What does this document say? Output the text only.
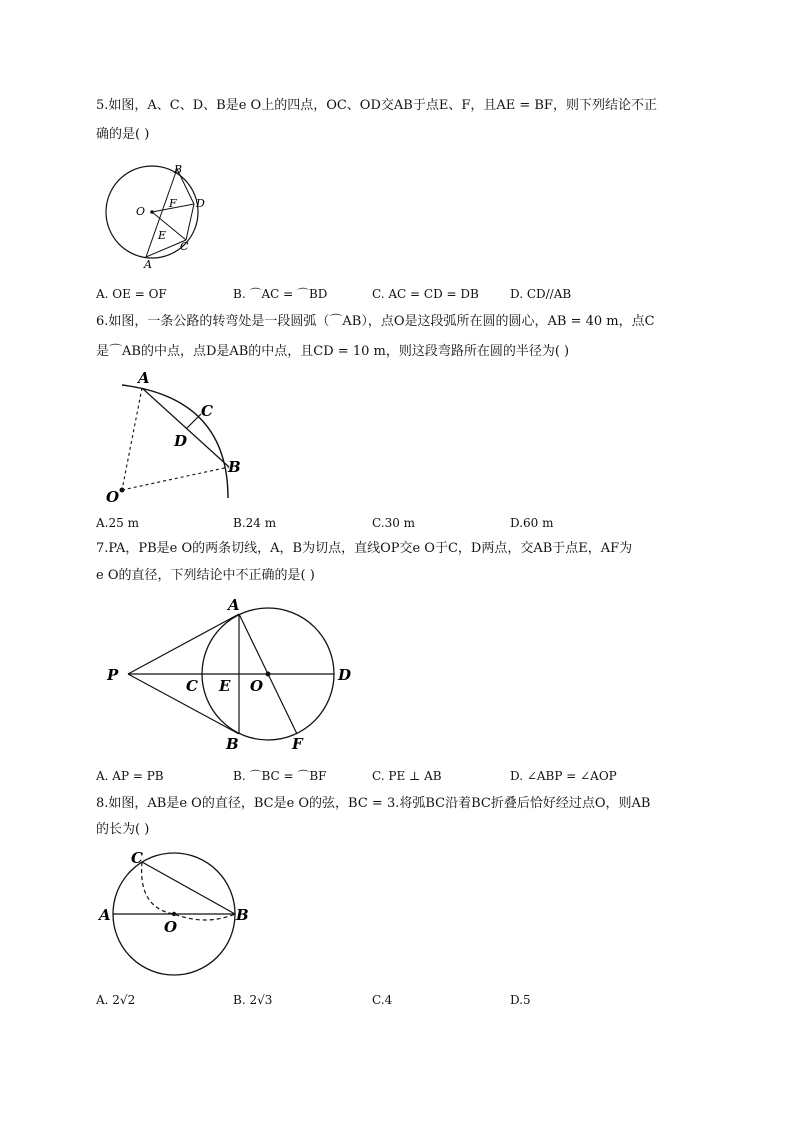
5.如图，A、C、D、B是e O上的四点，OC、OD交AB于点E、F，且AE = BF，则下列结论不正
确的是( )
B
O
F D
E
C
A
A. OE = OF	B. ⌒AC = ⌒BD	C. AC = CD = DB	D. CD//AB
6.如图，一条公路的转弯处是一段圆弧（⌒AB），点O是这段弧所在圆的圆心，AB = 40 m，点C
是⌒AB的中点，点D是AB的中点，且CD = 10 m，则这段弯路所在圆的半径为( )
A
C
D
B
O
A.25 m	B.24 m	C.30 m	D.60 m
7.PA，PB是e O的两条切线，A，B为切点，直线OP交e O于C，D两点，交AB于点E，AF为
e O的直径，下列结论中不正确的是( )
A
P
C E O
D
B	F
A. AP = PB	B. ⌒BC = ⌒BF	C. PE ⊥ AB	D. ∠ABP = ∠AOP
8.如图，AB是e O的直径，BC是e O的弦，BC = 3.将弧BC沿着BC折叠后恰好经过点O，则AB
的长为( )
C
A
O
B
A. 2√2	B. 2√3	C.4	D.5
